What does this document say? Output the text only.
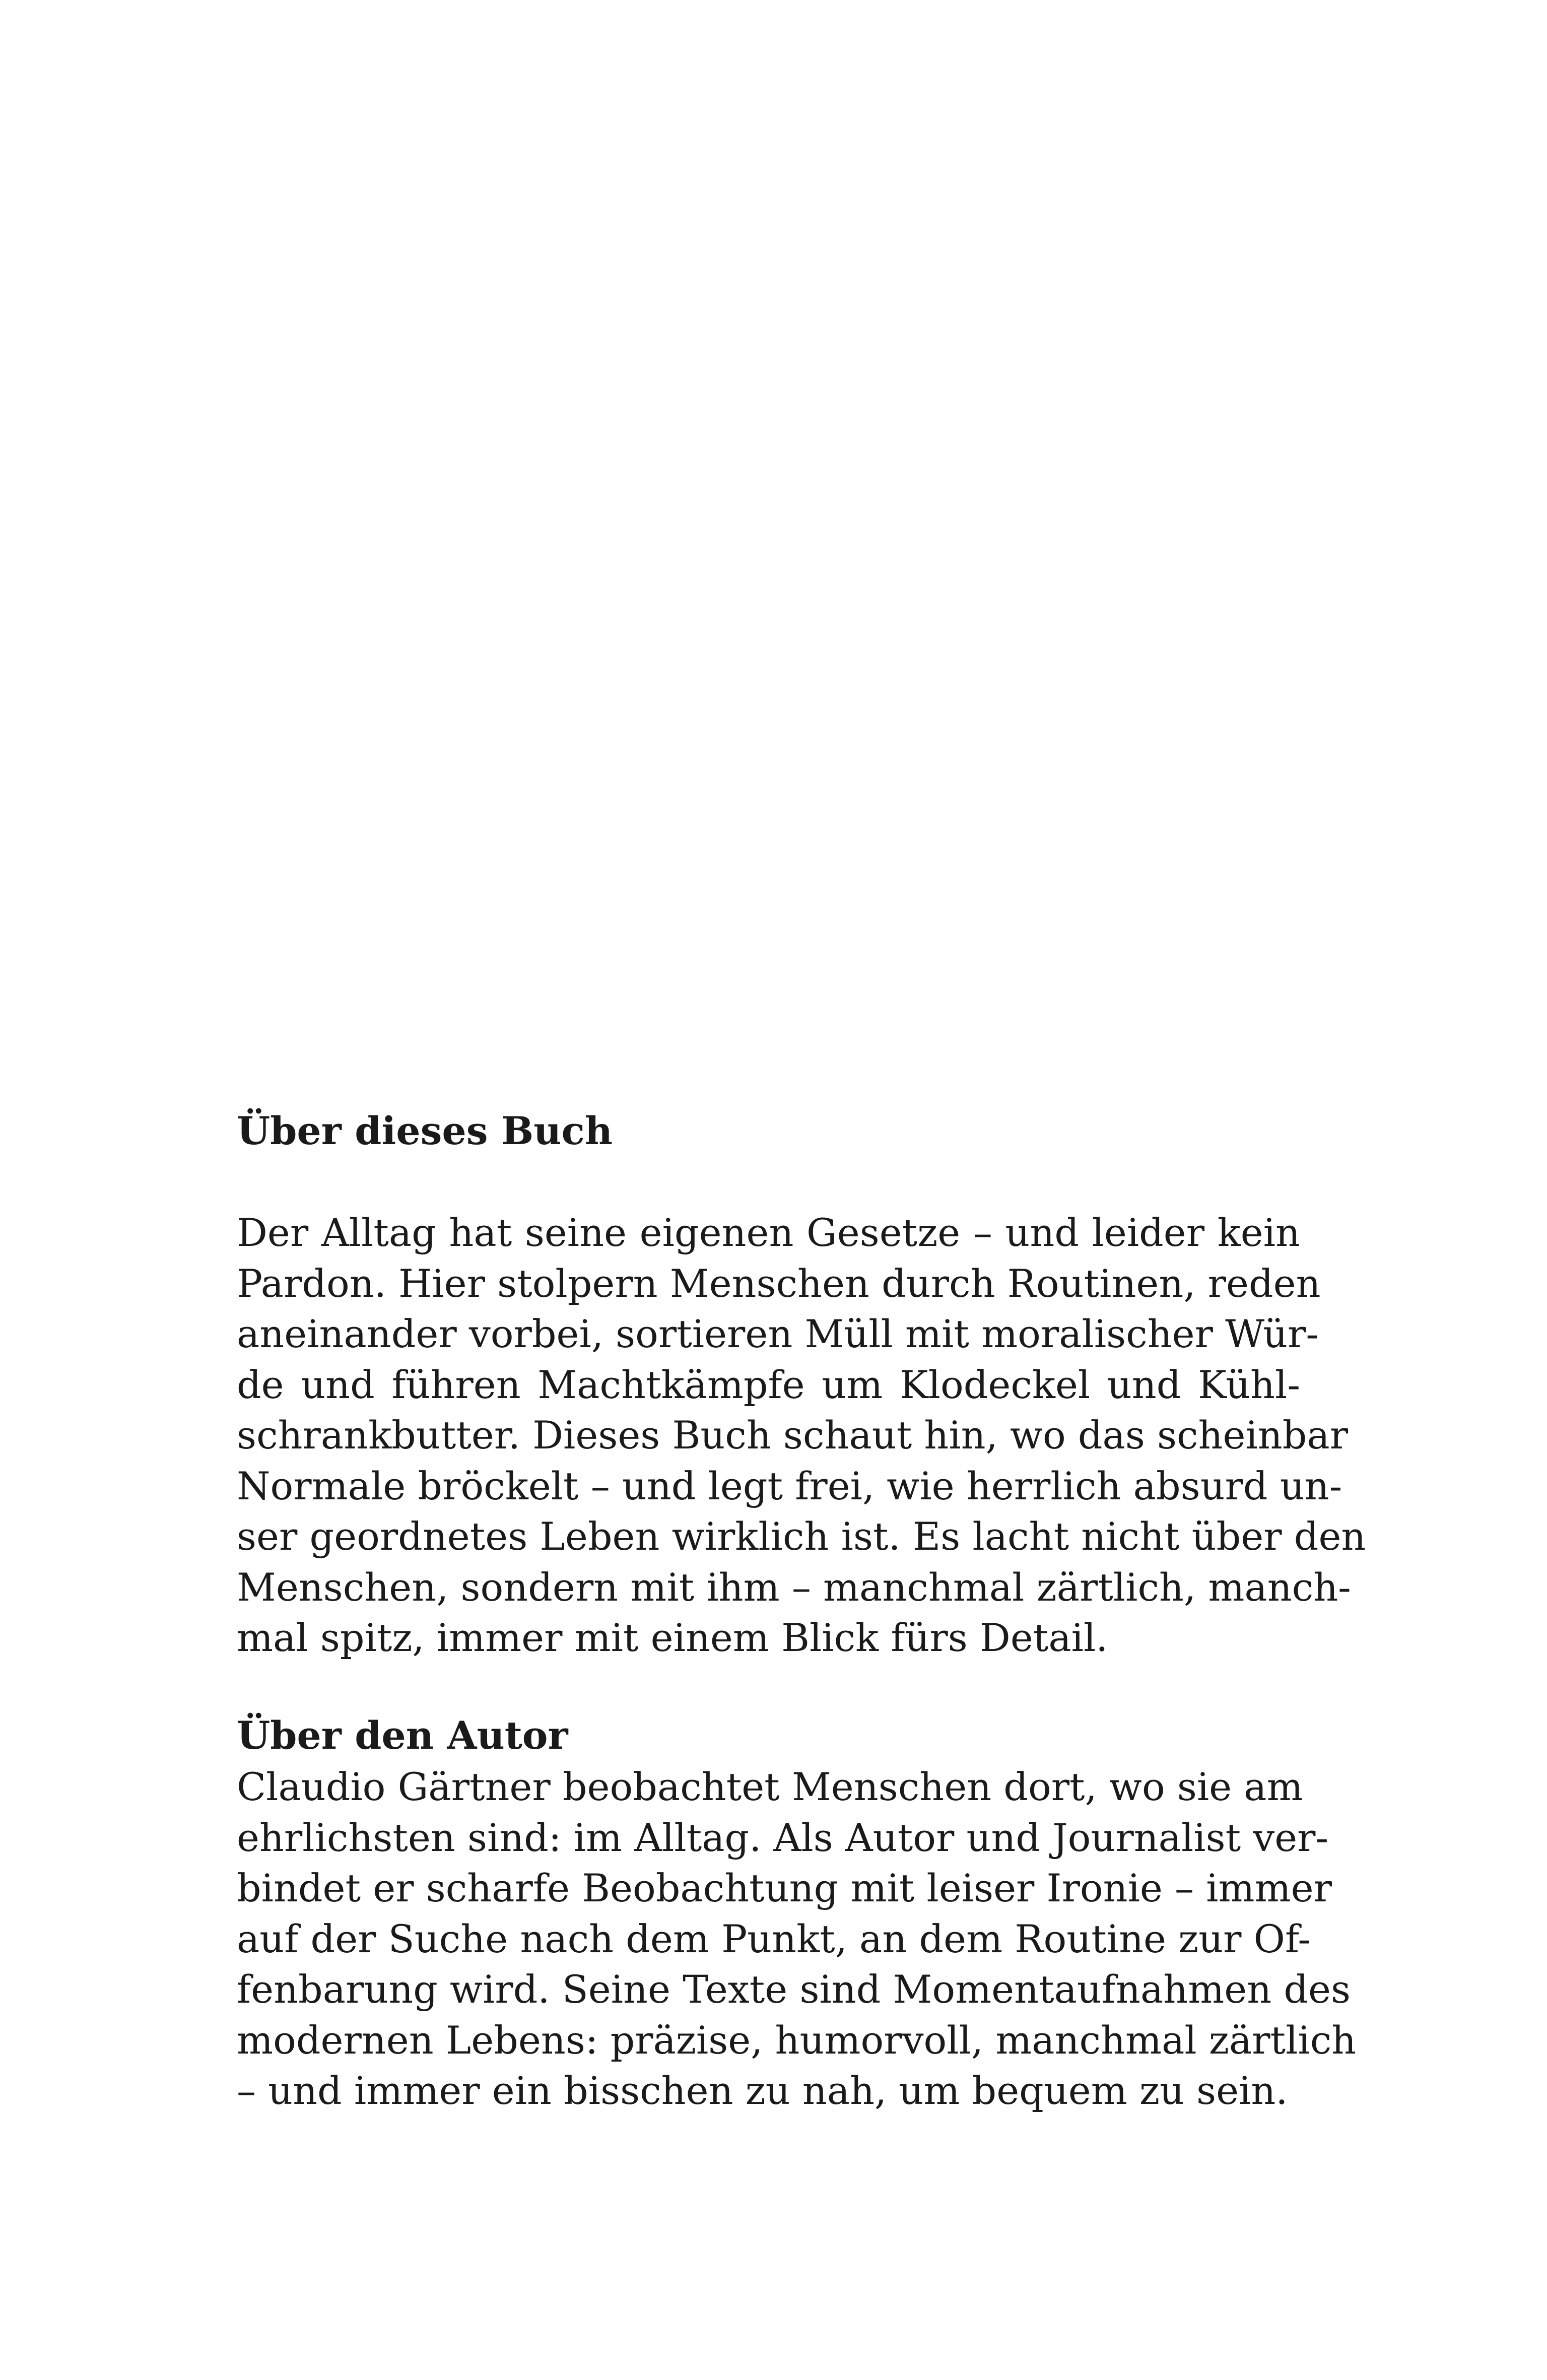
Über dieses Buch
Der Alltag hat seine eigenen Gesetze – und leider kein
Pardon. Hier stolpern Menschen durch Routinen, reden
aneinander vorbei, sortieren Müll mit moralischer Wür-
de und führen Machtkämpfe um Klodeckel und Kühl-
schrankbutter. Dieses Buch schaut hin, wo das scheinbar
Normale bröckelt – und legt frei, wie herrlich absurd un-
ser geordnetes Leben wirklich ist. Es lacht nicht über den
Menschen, sondern mit ihm – manchmal zärtlich, manch-
mal spitz, immer mit einem Blick fürs Detail.
Über den Autor
Claudio Gärtner beobachtet Menschen dort, wo sie am
ehrlichsten sind: im Alltag. Als Autor und Journalist ver-
bindet er scharfe Beobachtung mit leiser Ironie – immer
auf der Suche nach dem Punkt, an dem Routine zur Of-
fenbarung wird. Seine Texte sind Momentaufnahmen des
modernen Lebens: präzise, humorvoll, manchmal zärtlich
– und immer ein bisschen zu nah, um bequem zu sein.
